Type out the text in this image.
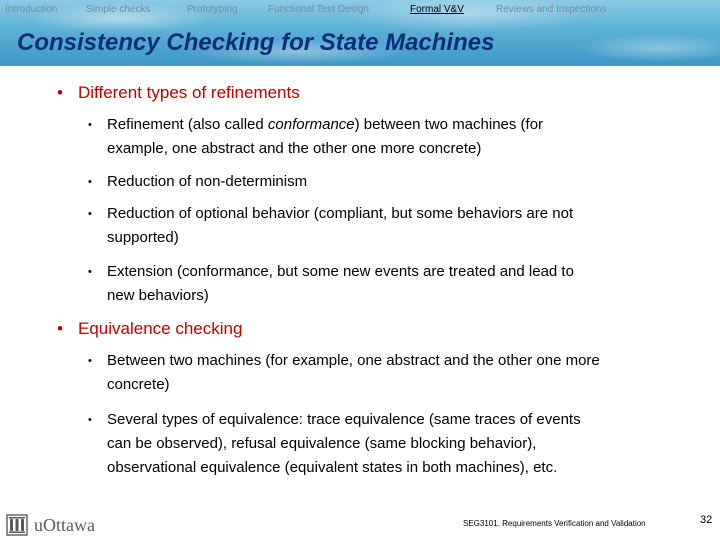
Introduction	Simple checks	Prototyping	Functional Test Design	Formal V&V	Reviews and Inspections
Consistency Checking for State Machines
• Different types of refinements
• Refinement (also called conformance) between two machines (for
example, one abstract and the other one more concrete)
• Reduction of non-determinism
• Reduction of optional behavior (compliant, but some behaviors are not
supported)
• Extension (conformance, but some new events are treated and lead to
new behaviors)
• Equivalence checking
• Between two machines (for example, one abstract and the other one more
concrete)
• Several types of equivalence: trace equivalence (same traces of events
can be observed), refusal equivalence (same blocking behavior),
observational equivalence (equivalent states in both machines), etc.
uOttawa	SEG3101. Requirements Verification and Validation	32
